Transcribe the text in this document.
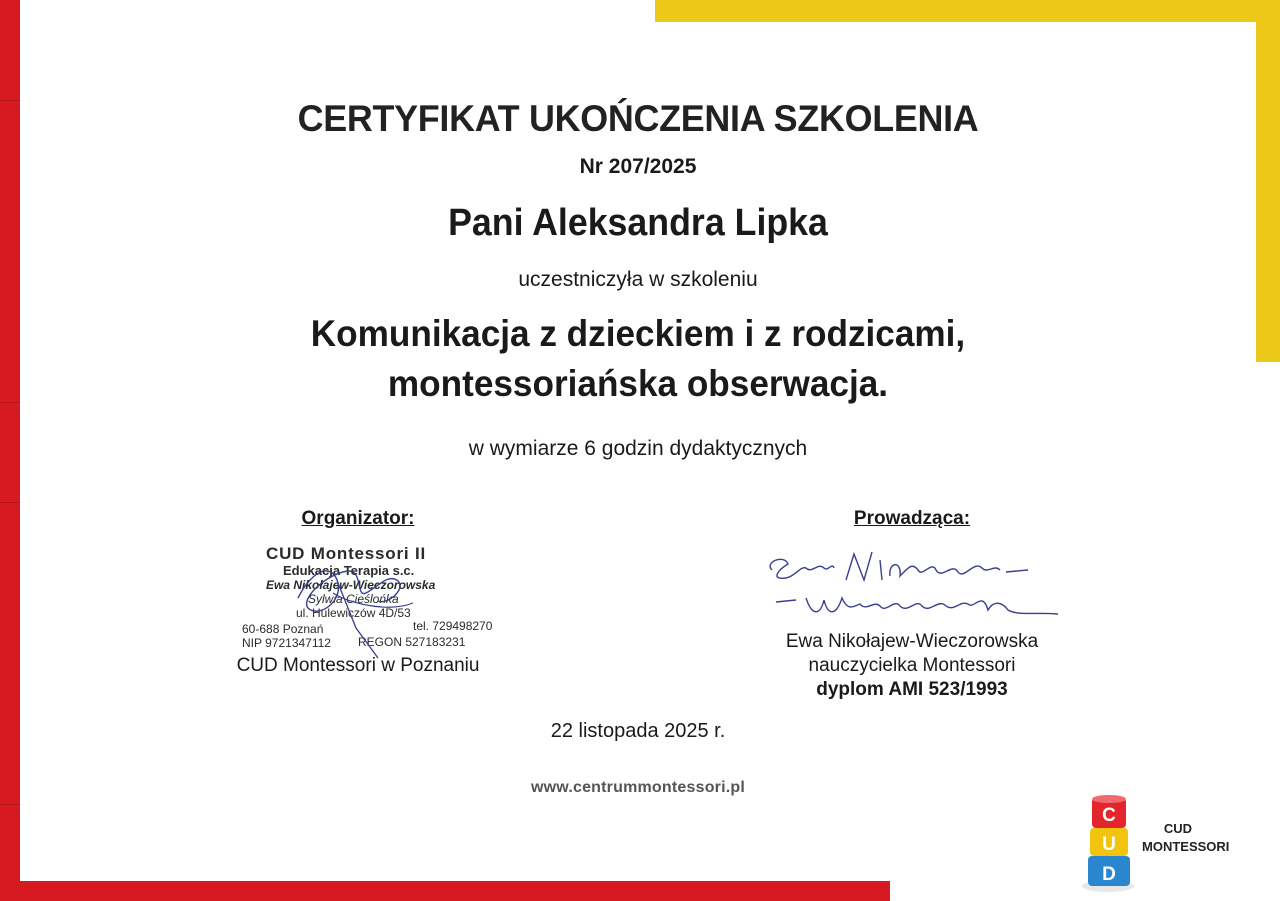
CERTYFIKAT UKOŃCZENIA SZKOLENIA
Nr 207/2025
Pani Aleksandra Lipka
uczestniczyła w szkoleniu
Komunikacja z dzieckiem i z rodzicami,
montessoriańska obserwacja.
w wymiarze 6 godzin dydaktycznych
Organizator:
CUD Montessori II
Edukacja Terapia s.c.
Ewa Nikołajew-Wieczorowska
Sylwia Cieślońka
ul. Hulewiczów 4D/53
60-688 Poznań	tel. 729498270
NIP 9721347112 REGON 527183231
CUD Montessori w Poznaniu
Prowadząca:
Ewa Nikołajew-Wieczorowska
nauczycielka Montessori
dyplom AMI 523/1993
22 listopada 2025 r.
www.centrummontessori.pl
C
U
D
CUD
MONTESSORI
